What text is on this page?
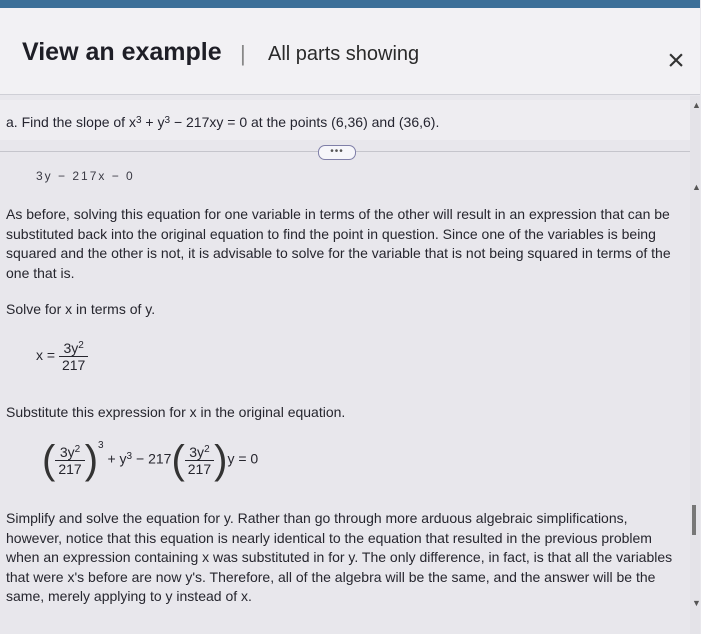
View an example | All parts showing	×
a. Find the slope of $x^3 + y^3 - 217xy = 0$ at the points (6,36) and (36,6).
•••
3y − 217x − 0
▲
▲
▼
As before, solving this equation for one variable in terms of the other will result in an expression that can be substituted back into the original equation to find the point in question. Since one of the variables is being squared and the other is not, it is advisable to solve for the variable that is not being squared in terms of the one that is.
Solve for x in terms of y.
$x = \frac{3y^2}{217}$
Substitute this expression for x in the original equation.
( $\frac{3y^2}{217} )^3 + y^3 - 217( \frac{3y^2}{217} )y = 0$
Simplify and solve the equation for y. Rather than go through more arduous algebraic simplifications, however, notice that this equation is nearly identical to the equation that resulted in the previous problem when an expression containing x was substituted in for y. The only difference, in fact, is that all the variables that were x's before are now y's. Therefore, all of the algebra will be the same, and the answer will be the same, merely applying to y instead of x.
